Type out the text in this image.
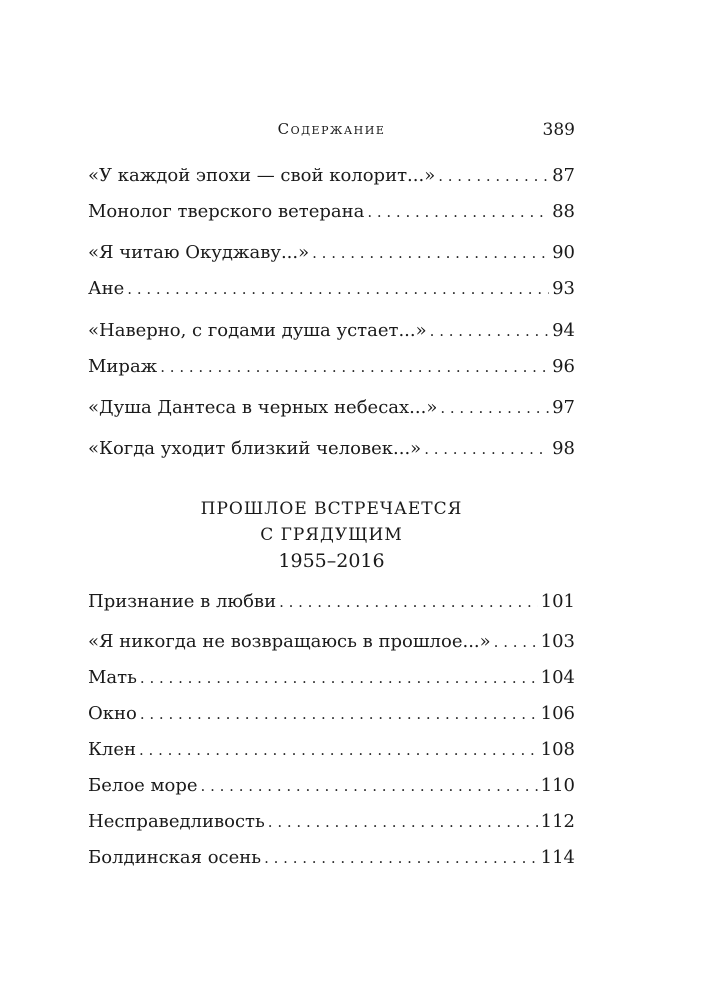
Содержание	389
«У каждой эпохи — свой колорит...» . . .	87
Монолог тверского ветерана . . .	88
«Я читаю Окуджаву...» . . .	90
Ане . . .	93
«Наверно, с годами душа устает...» . . .	94
Мираж . . .	96
«Душа Дантеса в черных небесах...» . . .	97
«Когда уходит близкий человек...» . . .	98
ПРОШЛОЕ ВСТРЕЧАЕТСЯ
С ГРЯДУЩИМ
1955–2016
Признание в любви . . .	101
«Я никогда не возвращаюсь в прошлое...» . . .	103
Мать . . .	104
Окно . . .	106
Клен . . .	108
Белое море . . .	110
Несправедливость . . .	112
Болдинская осень . . .	114
